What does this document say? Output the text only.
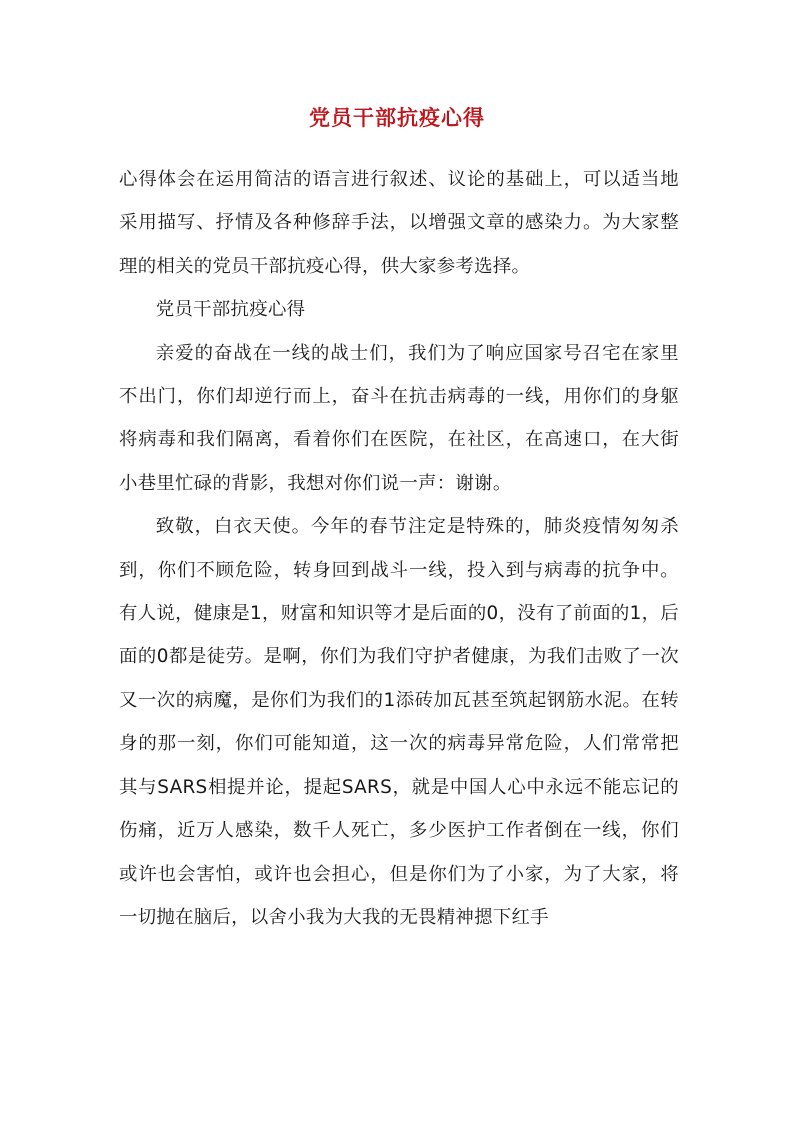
党员干部抗疫心得

心得体会在运用简洁的语言进行叙述、议论的基础上，可以适当地采用描写、抒情及各种修辞手法，以增强文章的感染力。为大家整理的相关的党员干部抗疫心得，供大家参考选择。

党员干部抗疫心得

亲爱的奋战在一线的战士们，我们为了响应国家号召宅在家里不出门，你们却逆行而上，奋斗在抗击病毒的一线，用你们的身躯将病毒和我们隔离，看着你们在医院，在社区，在高速口，在大街小巷里忙碌的背影，我想对你们说一声：谢谢。

致敬，白衣天使。今年的春节注定是特殊的，肺炎疫情匆匆杀到，你们不顾危险，转身回到战斗一线，投入到与病毒的抗争中。有人说，健康是1，财富和知识等才是后面的0，没有了前面的1，后面的0都是徒劳。是啊，你们为我们守护者健康，为我们击败了一次又一次的病魔，是你们为我们的1添砖加瓦甚至筑起钢筋水泥。在转身的那一刻，你们可能知道，这一次的病毒异常危险，人们常常把其与SARS相提并论，提起SARS，就是中国人心中永远不能忘记的伤痛，近万人感染，数千人死亡，多少医护工作者倒在一线，你们或许也会害怕，或许也会担心，但是你们为了小家，为了大家，将一切抛在脑后，以舍小我为大我的无畏精神摁下红手
